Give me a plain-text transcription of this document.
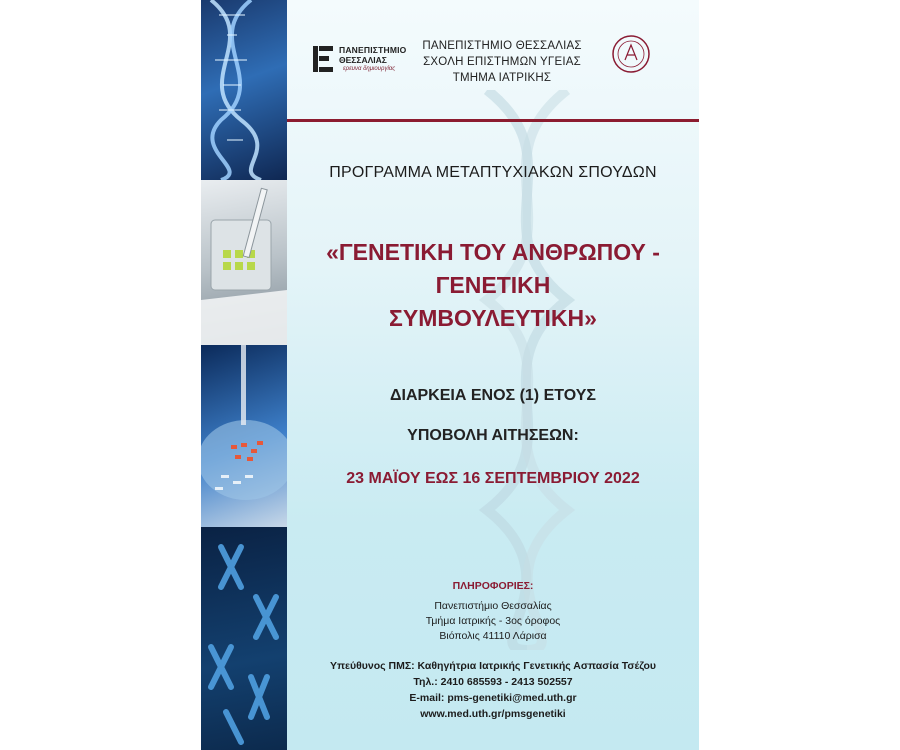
ΠΑΝΕΠΙΣΤΗΜΙΟ
ΘΕΣΣΑΛΙΑΣ
ερευνα δημιουργίας
ΠΑΝΕΠΙΣΤΗΜΙΟ ΘΕΣΣΑΛΙΑΣ
ΣΧΟΛΗ ΕΠΙΣΤΗΜΩΝ ΥΓΕΙΑΣ
ΤΜΗΜΑ ΙΑΤΡΙΚΗΣ
ΠΡΟΓΡΑΜΜΑ ΜΕΤΑΠΤΥΧΙΑΚΩΝ ΣΠΟΥΔΩΝ
«ΓΕΝΕΤΙΚΗ ΤΟΥ ΑΝΘΡΩΠΟΥ - ΓΕΝΕΤΙΚΗ
ΣΥΜΒΟΥΛΕΥΤΙΚΗ»
ΔΙΑΡΚΕΙΑ ΕΝΟΣ (1) ΕΤΟΥΣ
ΥΠΟΒΟΛΗ ΑΙΤΗΣΕΩΝ:
23 ΜΑΪΟΥ ΕΩΣ 16 ΣΕΠΤΕΜΒΡΙΟΥ 2022
ΠΛΗΡΟΦΟΡΙΕΣ:
Πανεπιστήμιο Θεσσαλίας
Τμήμα Ιατρικής - 3ος όροφος
Βιόπολις 41110 Λάρισα
Υπεύθυνος ΠΜΣ: Καθηγήτρια Ιατρικής Γενετικής Ασπασία Τσέζου
Τηλ.: 2410 685593 - 2413 502557
E-mail: pms-genetiki@med.uth.gr
www.med.uth.gr/pmsgenetiki
